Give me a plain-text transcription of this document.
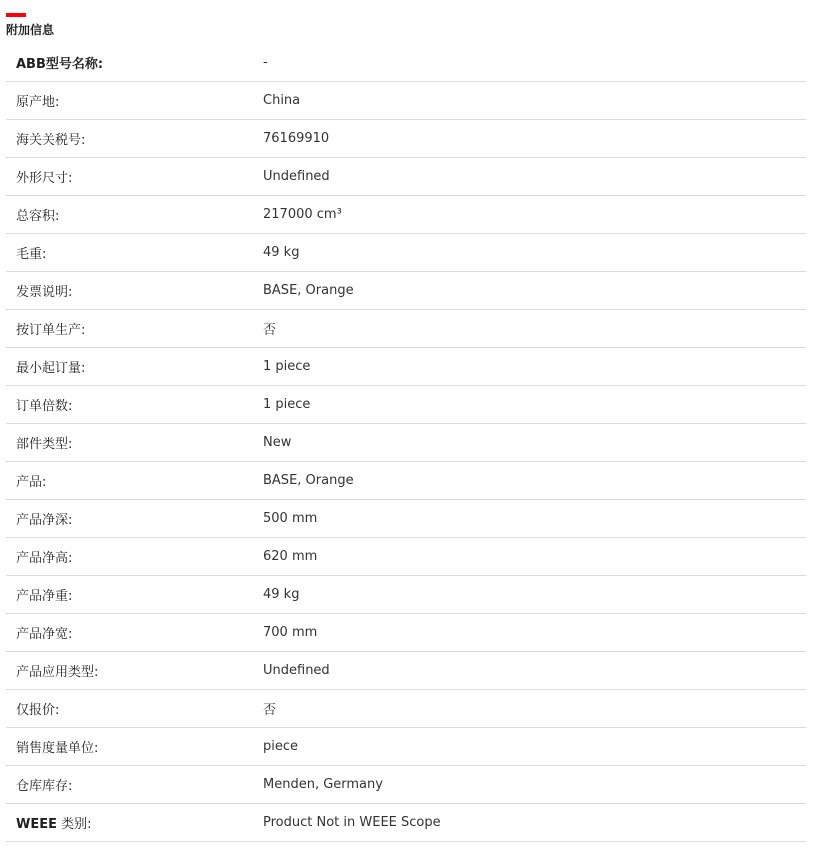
附加信息
ABB型号名称:	-
原产地:	China
海关关税号:	76169910
外形尺寸:	Undefined
总容积:	217000 cm³
毛重:	49 kg
发票说明:	BASE, Orange
按订单生产:	否
最小起订量:	1 piece
订单倍数:	1 piece
部件类型:	New
产品:	BASE, Orange
产品净深:	500 mm
产品净高:	620 mm
产品净重:	49 kg
产品净宽:	700 mm
产品应用类型:	Undefined
仅报价:	否
销售度量单位:	piece
仓库库存:	Menden, Germany
WEEE 类别:	Product Not in WEEE Scope
